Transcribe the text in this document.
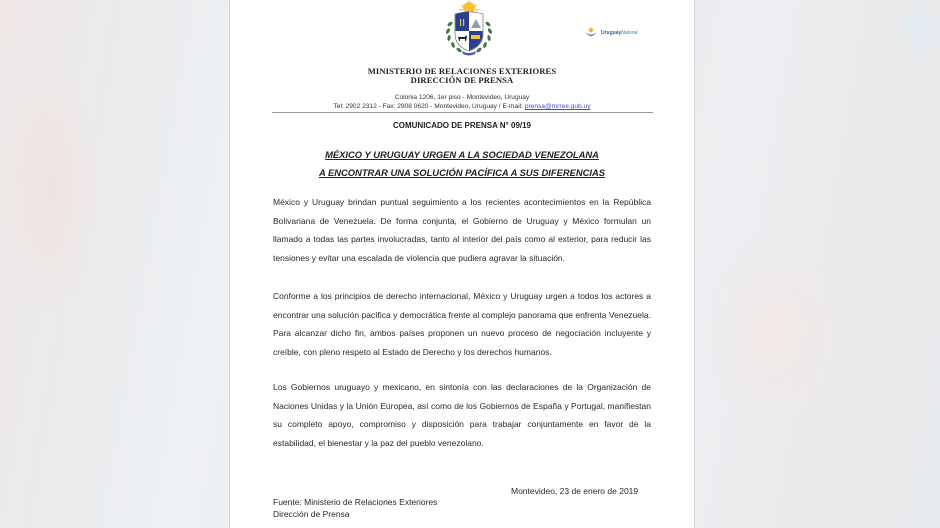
UruguayNatural
MINISTERIO DE RELACIONES EXTERIORES
DIRECCIÓN DE PRENSA
Colonia 1206, 1er piso - Montevideo, Uruguay
Tel: 2902 2312 - Fax: 2908 0620 - Montevideo, Uruguay / E-mail: prensa@mrree.gub.uy
COMUNICADO DE PRENSA N° 09/19
MÉXICO Y URUGUAY URGEN A LA SOCIEDAD VENEZOLANA
A ENCONTRAR UNA SOLUCIÓN PACÍFICA A SUS DIFERENCIAS
México y Uruguay brindan puntual seguimiento a los recientes acontecimientos en la República Bolivariana de Venezuela. De forma conjunta, el Gobierno de Uruguay y México formulan un llamado a todas las partes involucradas, tanto al interior del país como al exterior, para reducir las tensiones y evitar una escalada de violencia que pudiera agravar la situación.
Conforme a los principios de derecho internacional, México y Uruguay urgen a todos los actores a encontrar una solución pacífica y democrática frente al complejo panorama que enfrenta Venezuela. Para alcanzar dicho fin, ambos países proponen un nuevo proceso de negociación incluyente y creíble, con pleno respeto al Estado de Derecho y los derechos humanos.
Los Gobiernos uruguayo y mexicano, en sintonía con las declaraciones de la Organización de Naciones Unidas y la Unión Europea, así como de los Gobiernos de España y Portugal, manifiestan su completo apoyo, compromiso y disposición para trabajar conjuntamente en favor de la estabilidad, el bienestar y la paz del pueblo venezolano.
Montevideo, 23 de enero de 2019
Fuente: Ministerio de Relaciones Exteriores
Dirección de Prensa
